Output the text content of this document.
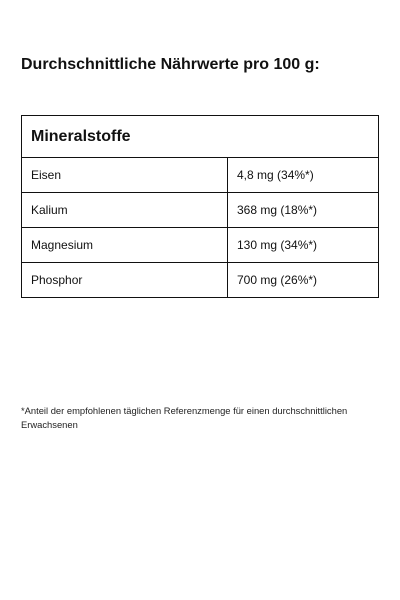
Durchschnittliche Nährwerte pro 100 g:
Mineralstoffe	
Eisen	4,8 mg (34%*)
Kalium	368 mg (18%*)
Magnesium	130 mg (34%*)
Phosphor	700 mg (26%*)

*Anteil der empfohlenen täglichen Referenzmenge für einen durchschnittlichen Erwachsenen
